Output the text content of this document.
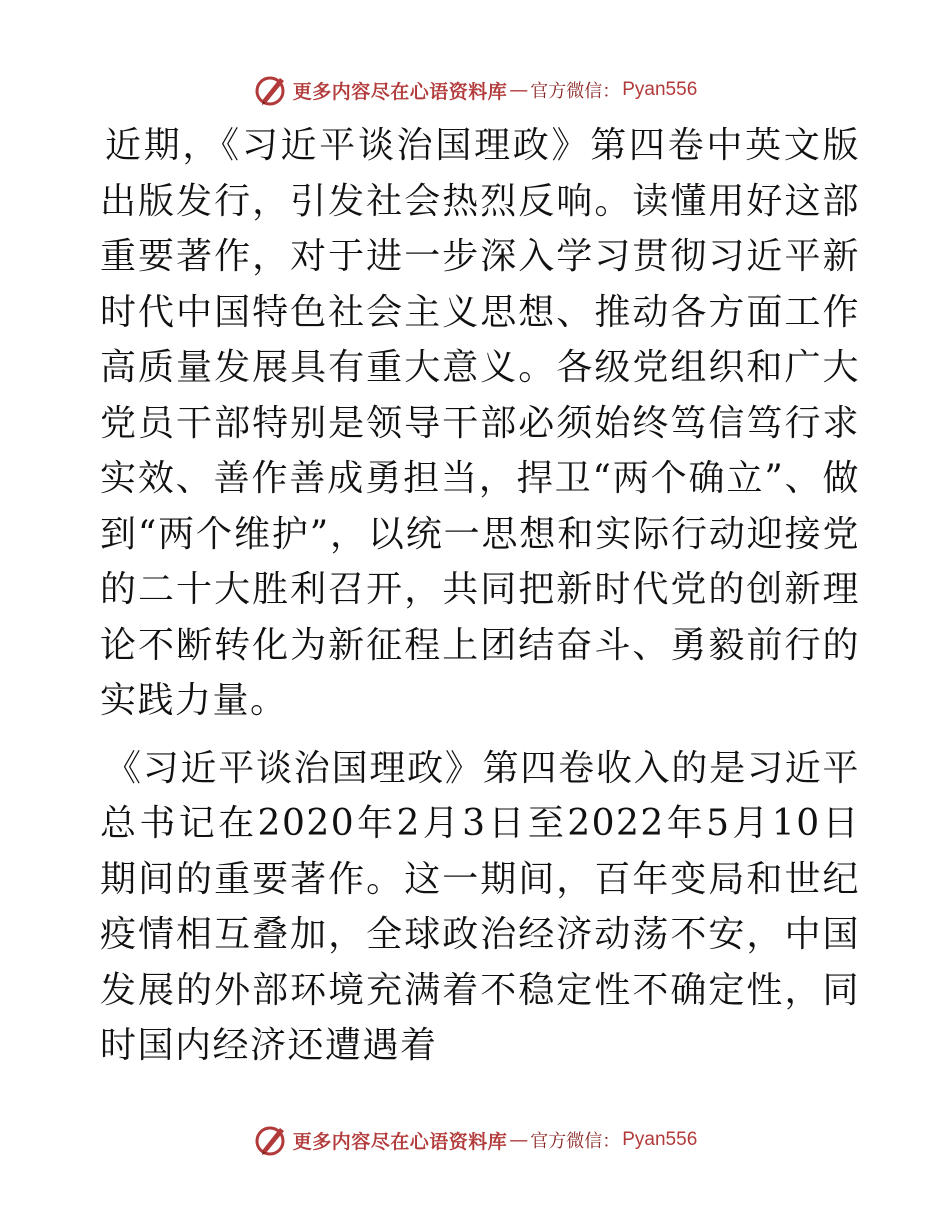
更多内容尽在心语资料库 — 官方微信： Pyan556

近期，《习近平谈治国理政》第四卷中英文版出版发行，引发社会热烈反响。读懂用好这部重要著作，对于进一步深入学习贯彻习近平新时代中国特色社会主义思想、推动各方面工作高质量发展具有重大意义。各级党组织和广大党员干部特别是领导干部必须始终笃信笃行求实效、善作善成勇担当，捍卫“两个确立”、做到“两个维护”，以统一思想和实际行动迎接党的二十大胜利召开，共同把新时代党的创新理论不断转化为新征程上团结奋斗、勇毅前行的实践力量。

《习近平谈治国理政》第四卷收入的是习近平总书记在2020年2月3日至2022年5月10日期间的重要著作。这一期间，百年变局和世纪疫情相互叠加，全球政治经济动荡不安，中国发展的外部环境充满着不稳定性不确定性，同时国内经济还遭遇着

更多内容尽在心语资料库 — 官方微信： Pyan556
